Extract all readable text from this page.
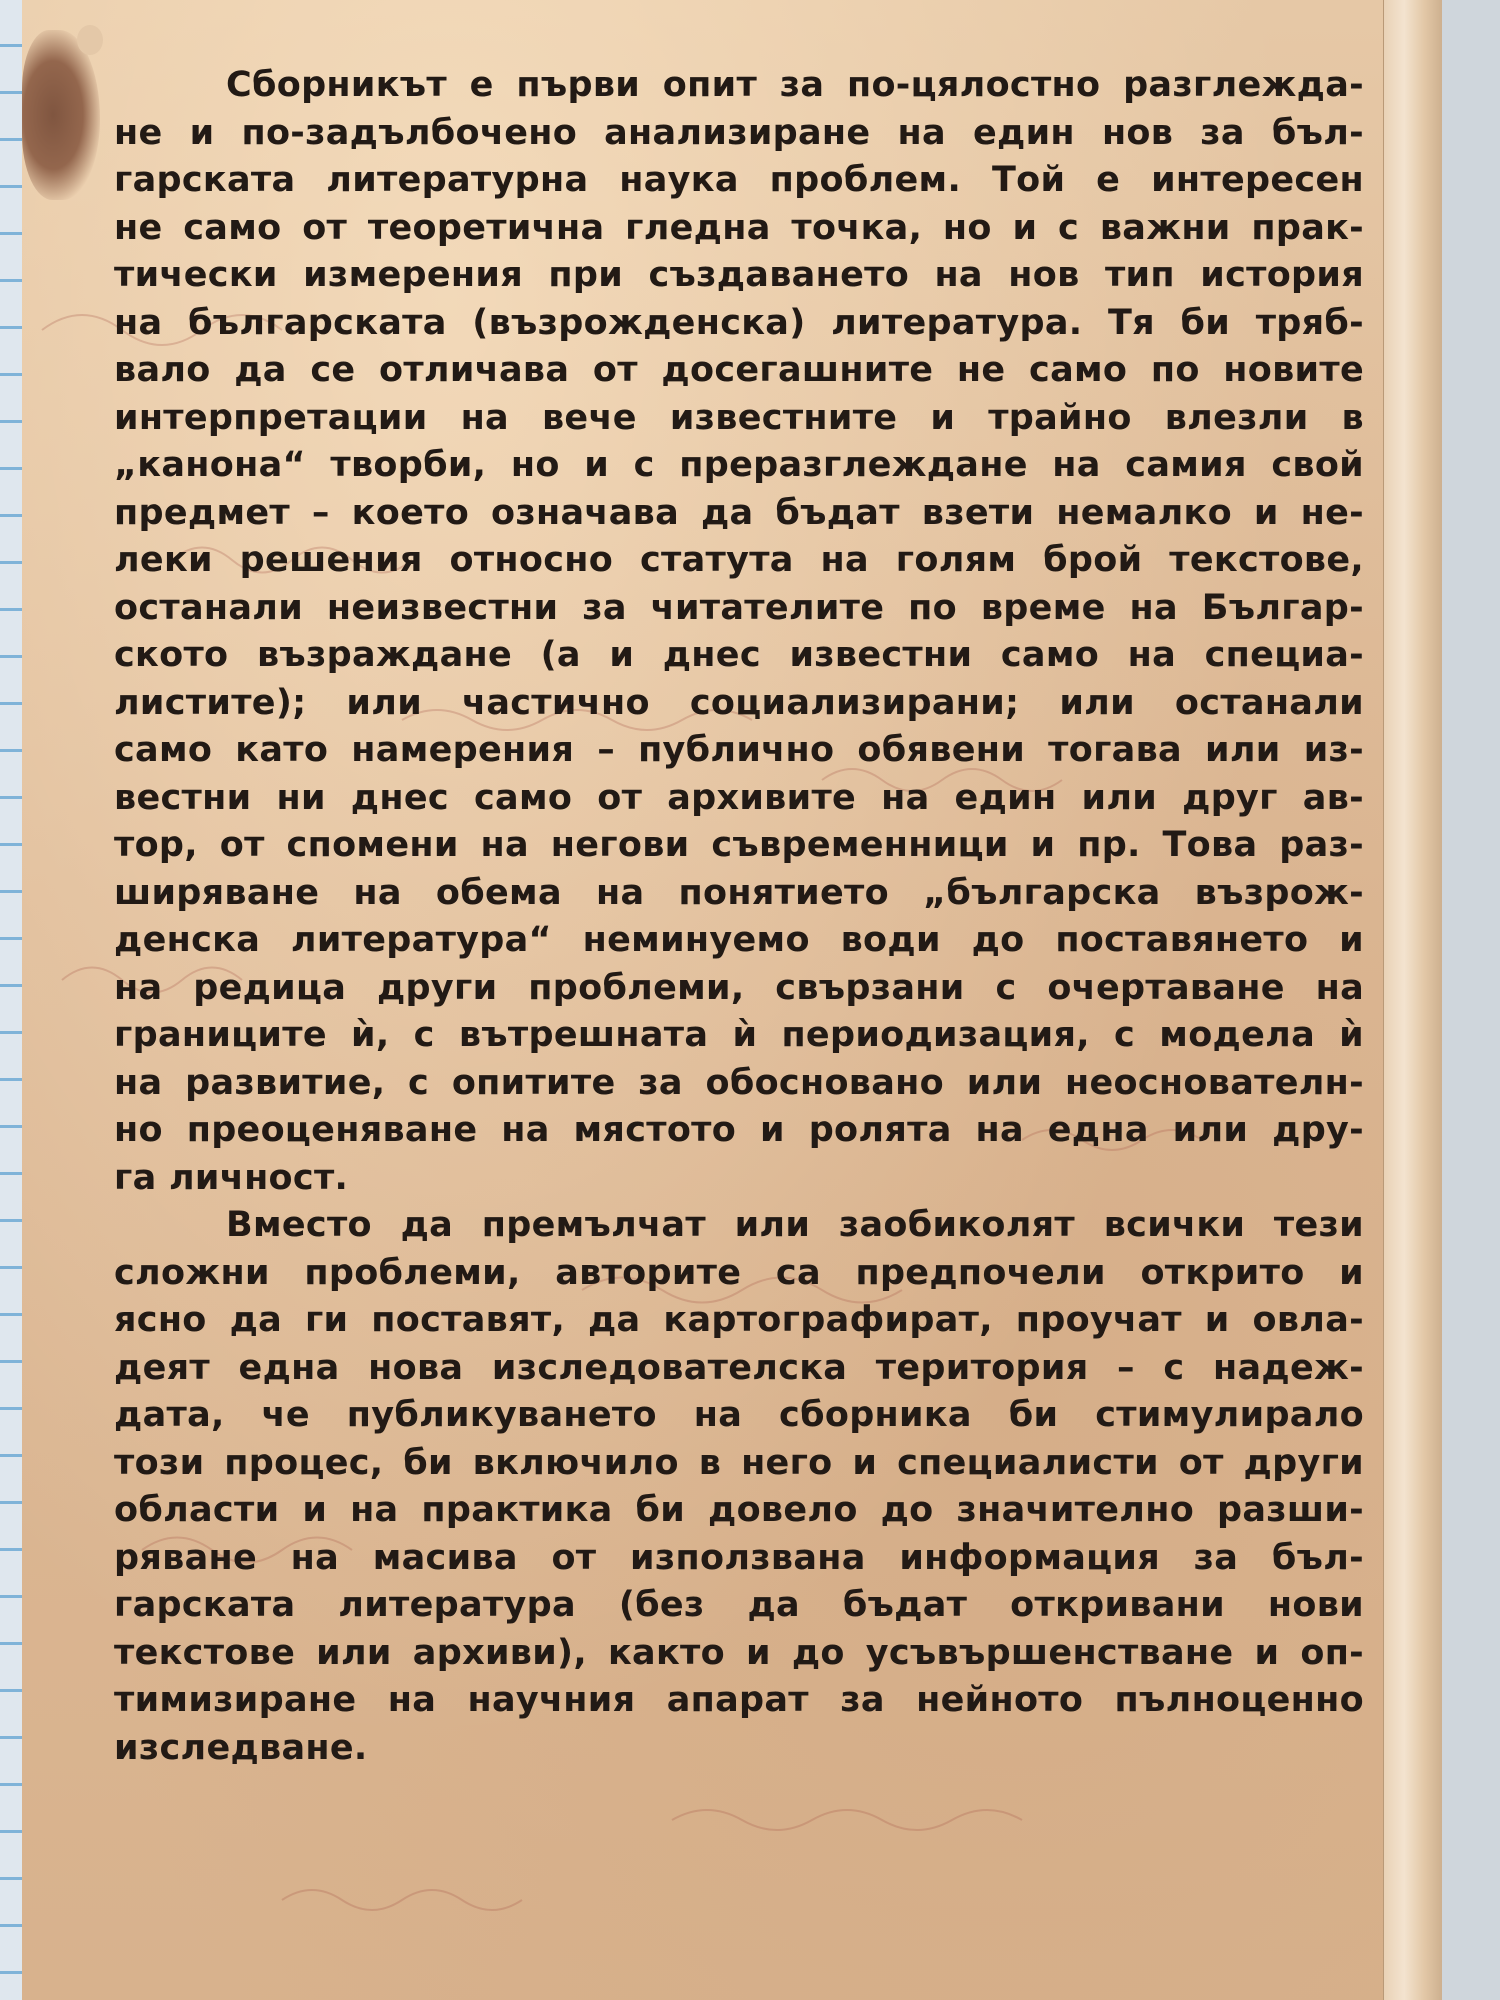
Сборникът е първи опит за по-цялостно разглежда-
не и по-задълбочено анализиране на един нов за бъл-
гарската литературна наука проблем. Той е интересен
не само от теоретична гледна точка, но и с важни прак-
тически измерения при създаването на нов тип история
на българската (възрожденска) литература. Тя би тряб-
вало да се отличава от досегашните не само по новите
интерпретации на вече известните и трайно влезли в
„канона“ творби, но и с преразглеждане на самия свой
предмет – което означава да бъдат взети немалко и не-
леки решения относно статута на голям брой текстове,
останали неизвестни за читателите по време на Българ-
ското възраждане (а и днес известни само на специа-
листите); или частично социализирани; или останали
само като намерения – публично обявени тогава или из-
вестни ни днес само от архивите на един или друг ав-
тор, от спомени на негови съвременници и пр. Това раз-
ширяване на обема на понятието „българска възрож-
денска литература“ неминуемо води до поставянето и
на редица други проблеми, свързани с очертаване на
границите ѝ, с вътрешната ѝ периодизация, с модела ѝ
на развитие, с опитите за обосновано или неоснователн-
но преоценяване на мястото и ролята на една или дру-
га личност.
Вместо да премълчат или заобиколят всички тези
сложни проблеми, авторите са предпочели открито и
ясно да ги поставят, да картографират, проучат и овла-
деят една нова изследователска територия – с надеж-
дата, че публикуването на сборника би стимулирало
този процес, би включило в него и специалисти от други
области и на практика би довело до значително разши-
ряване на масива от използвана информация за бъл-
гарската литература (без да бъдат откривани нови
текстове или архиви), както и до усъвършенстване и оп-
тимизиране на научния апарат за нейното пълноценно
изследване.
